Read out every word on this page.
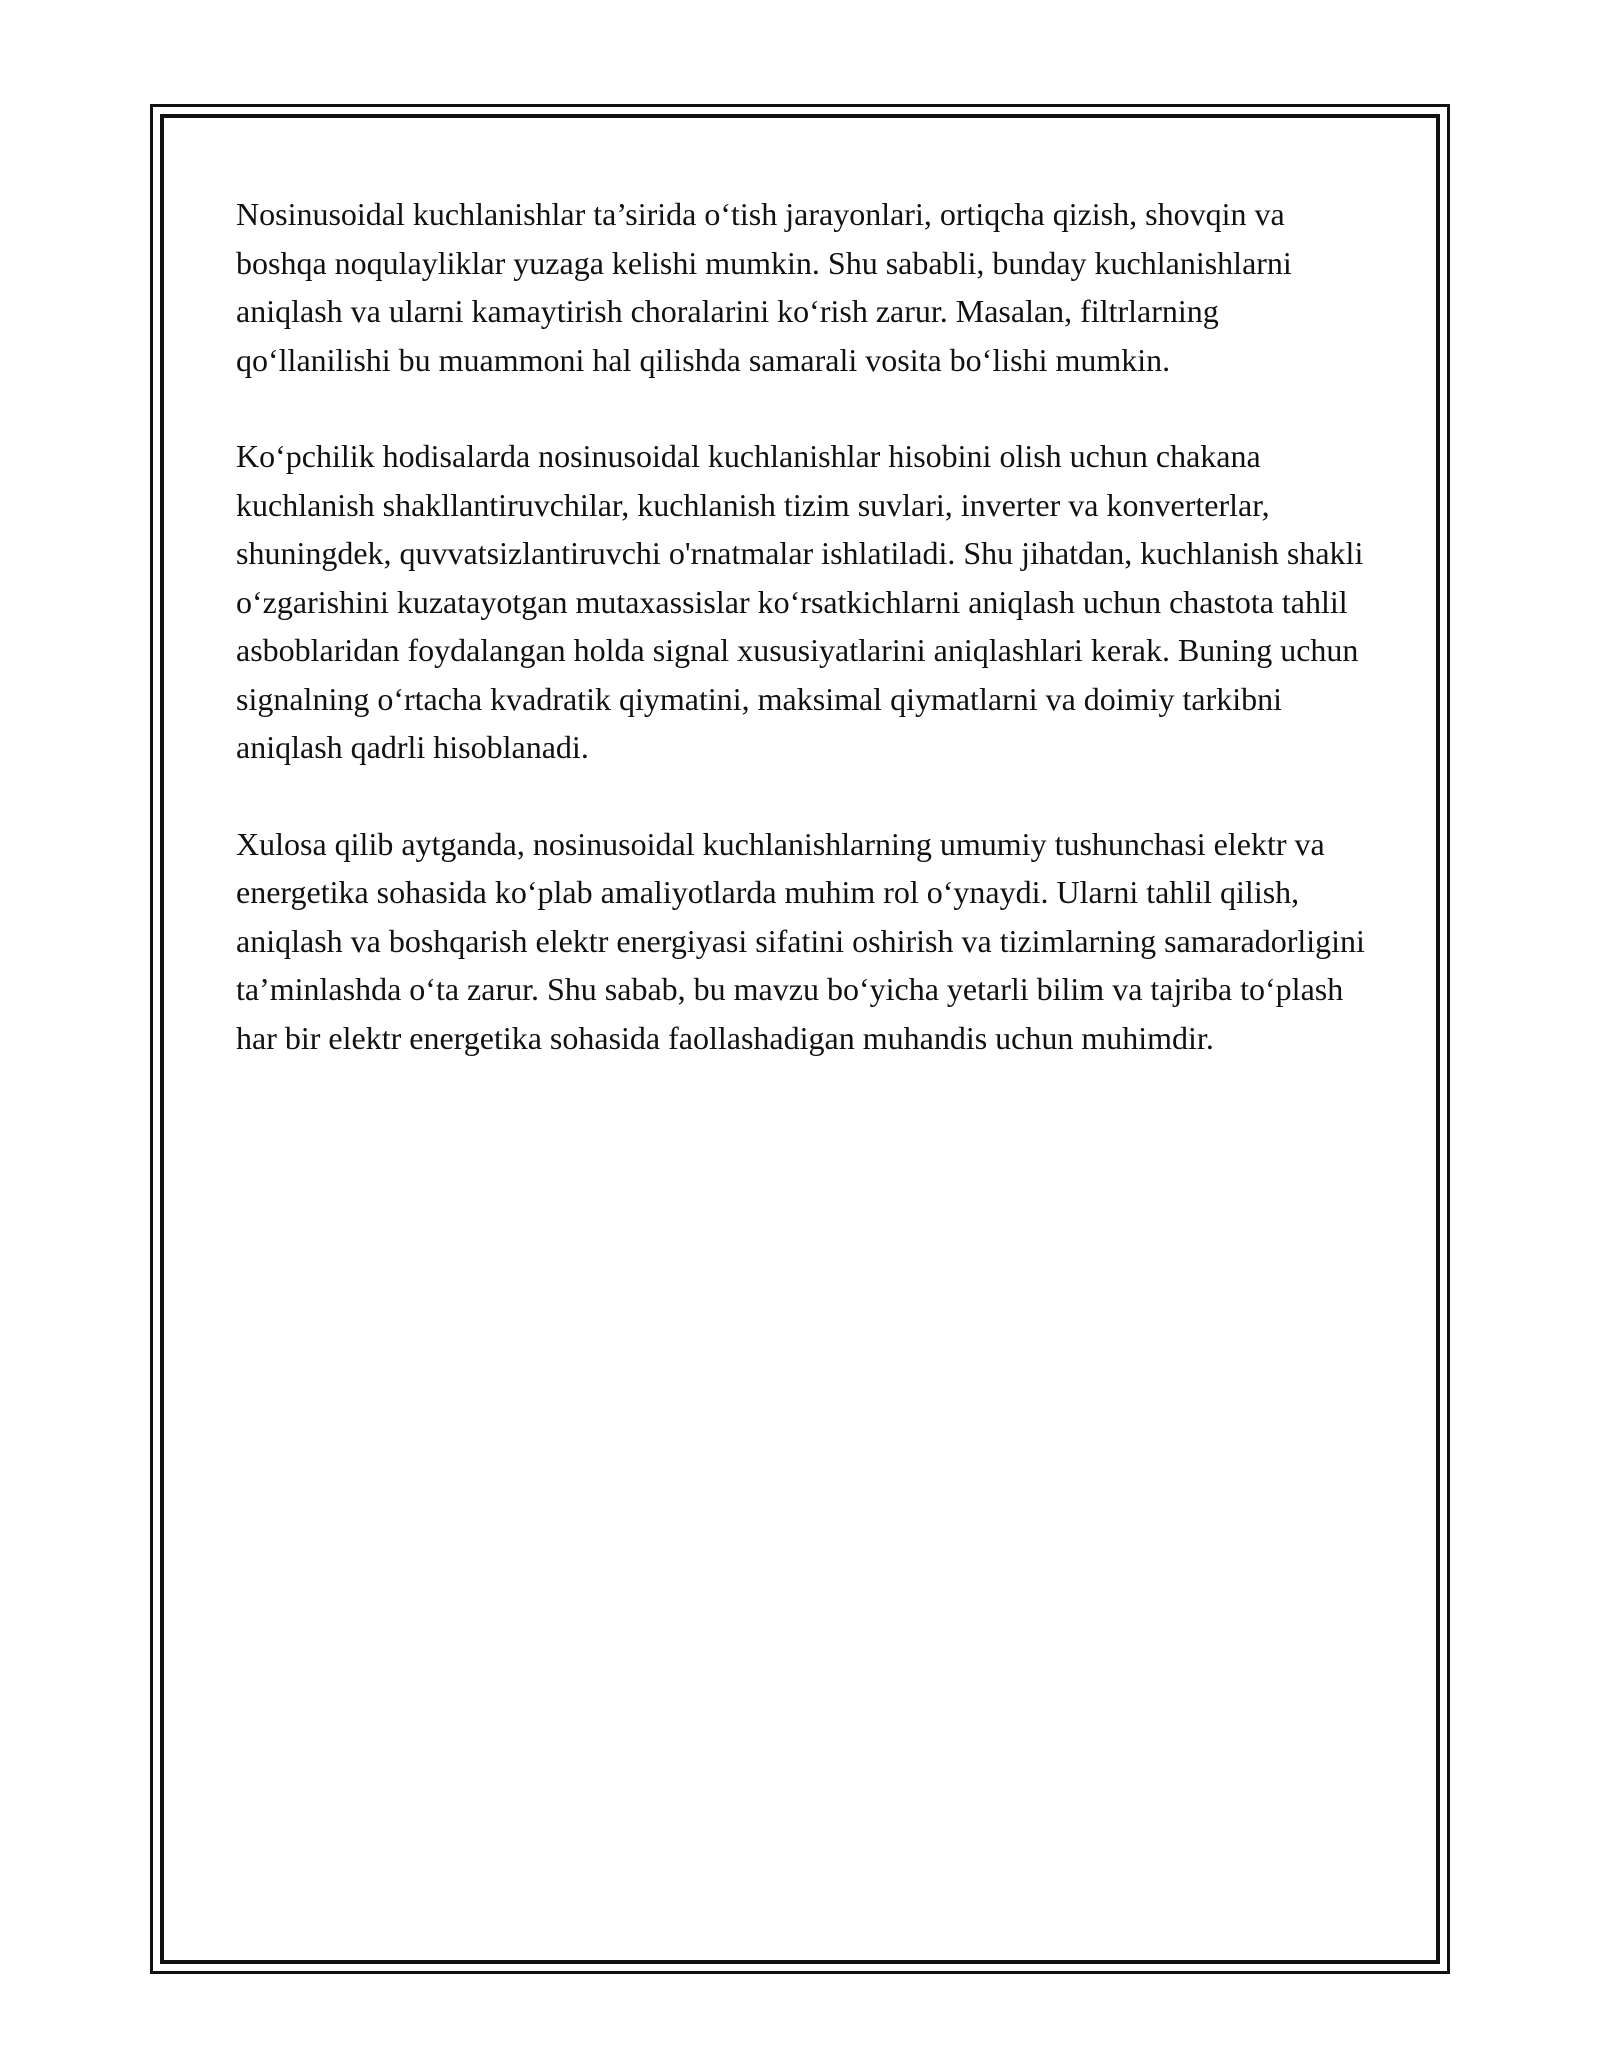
Nosinusoidal kuchlanishlar ta’sirida o‘tish jarayonlari, ortiqcha qizish, shovqin va boshqa noqulayliklar yuzaga kelishi mumkin. Shu sababli, bunday kuchlanishlarni aniqlash va ularni kamaytirish choralarini ko‘rish zarur. Masalan, filtrlarning qo‘llanilishi bu muammoni hal qilishda samarali vosita bo‘lishi mumkin.

Ko‘pchilik hodisalarda nosinusoidal kuchlanishlar hisobini olish uchun chakana kuchlanish shakllantiruvchilar, kuchlanish tizim suvlari, inverter va konverterlar, shuningdek, quvvatsizlantiruvchi o'rnatmalar ishlatiladi. Shu jihatdan, kuchlanish shakli o‘zgarishini kuzatayotgan mutaxassislar ko‘rsatkichlarni aniqlash uchun chastota tahlil asboblaridan foydalangan holda signal xususiyatlarini aniqlashlari kerak. Buning uchun signalning o‘rtacha kvadratik qiymatini, maksimal qiymatlarni va doimiy tarkibni aniqlash qadrli hisoblanadi.

Xulosa qilib aytganda, nosinusoidal kuchlanishlarning umumiy tushunchasi elektr va energetika sohasida ko‘plab amaliyotlarda muhim rol o‘ynaydi. Ularni tahlil qilish, aniqlash va boshqarish elektr energiyasi sifatini oshirish va tizimlarning samaradorligini ta’minlashda o‘ta zarur. Shu sabab, bu mavzu bo‘yicha yetarli bilim va tajriba to‘plash har bir elektr energetika sohasida faollashadigan muhandis uchun muhimdir.
